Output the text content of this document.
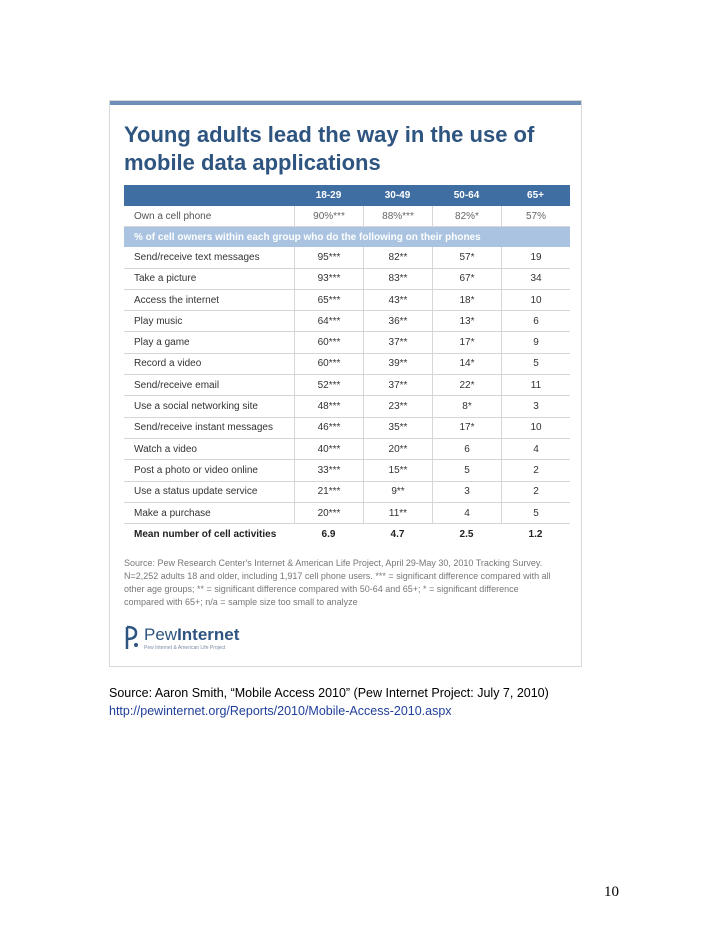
Young adults lead the way in the use of
mobile data applications
18-29	30-49	50-64	65+
Own a cell phone	90%***	88%***	82%*	57%
% of cell owners within each group who do the following on their phones
Send/receive text messages	95***	82**	57*	19
Take a picture	93***	83**	67*	34
Access the internet	65***	43**	18*	10
Play music	64***	36**	13*	6
Play a game	60***	37**	17*	9
Record a video	60***	39**	14*	5
Send/receive email	52***	37**	22*	11
Use a social networking site	48***	23**	8*	3
Send/receive instant messages	46***	35**	17*	10
Watch a video	40***	20**	6	4
Post a photo or video online	33***	15**	5	2
Use a status update service	21***	9**	3	2
Make a purchase	20***	11**	4	5
Mean number of cell activities	6.9	4.7	2.5	1.2
Source: Pew Research Center's Internet & American Life Project, April 29-May 30, 2010 Tracking Survey.
N=2,252 adults 18 and older, including 1,917 cell phone users. *** = significant difference compared with all
other age groups; ** = significant difference compared with 50-64 and 65+; * = significant difference
compared with 65+; n/a = sample size too small to analyze
PewInternet
Pew Internet & American Life Project
Source: Aaron Smith, “Mobile Access 2010” (Pew Internet Project: July 7, 2010)
http://pewinternet.org/Reports/2010/Mobile-Access-2010.aspx
10
